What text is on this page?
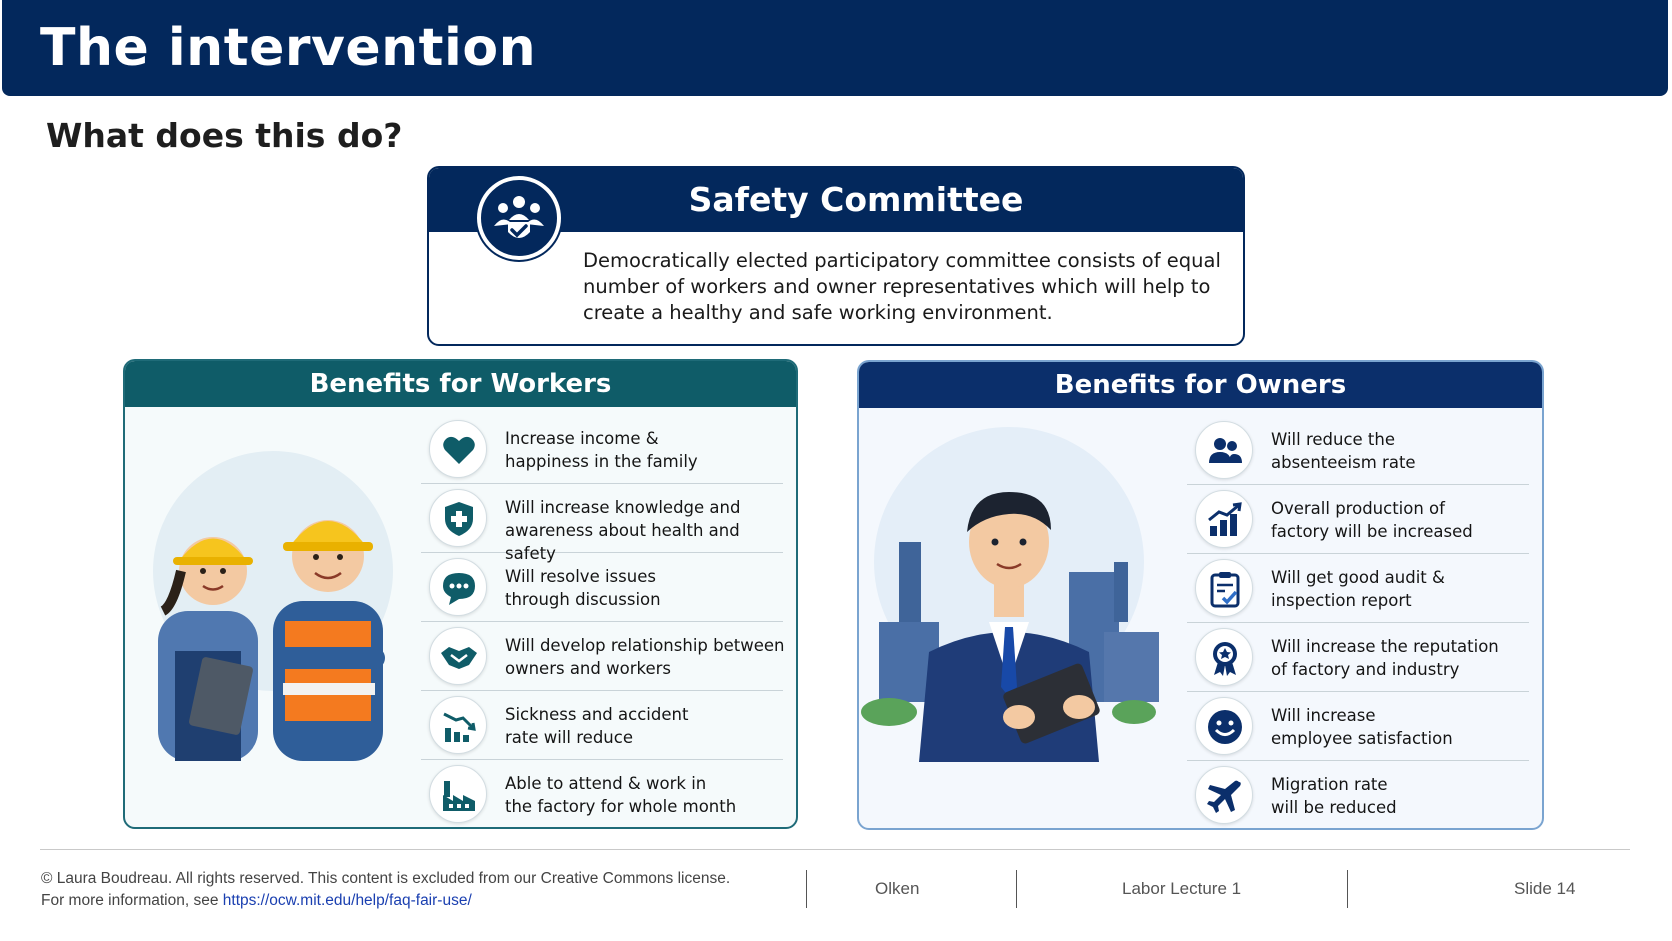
The intervention
What does this do?
Safety Committee
Democratically elected participatory committee consists of equal number of workers and owner representatives which will help to create a healthy and safe working environment.
Benefits for Workers
Increase income &
happiness in the family
Will increase knowledge and
awareness about health and safety
Will resolve issues
through discussion
Will develop relationship between
owners and workers
Sickness and accident
rate will reduce
Able to attend & work in
the factory for whole month
Benefits for Owners
Will reduce the
absenteeism rate
Overall production of
factory will be increased
Will get good audit &
inspection report
Will increase the reputation
of factory and industry
Will increase
employee satisfaction
Migration rate
will be reduced
© Laura Boudreau. All rights reserved. This content is excluded from our Creative Commons license.
For more information, see https://ocw.mit.edu/help/faq-fair-use/
Olken	Labor Lecture 1	Slide 14
